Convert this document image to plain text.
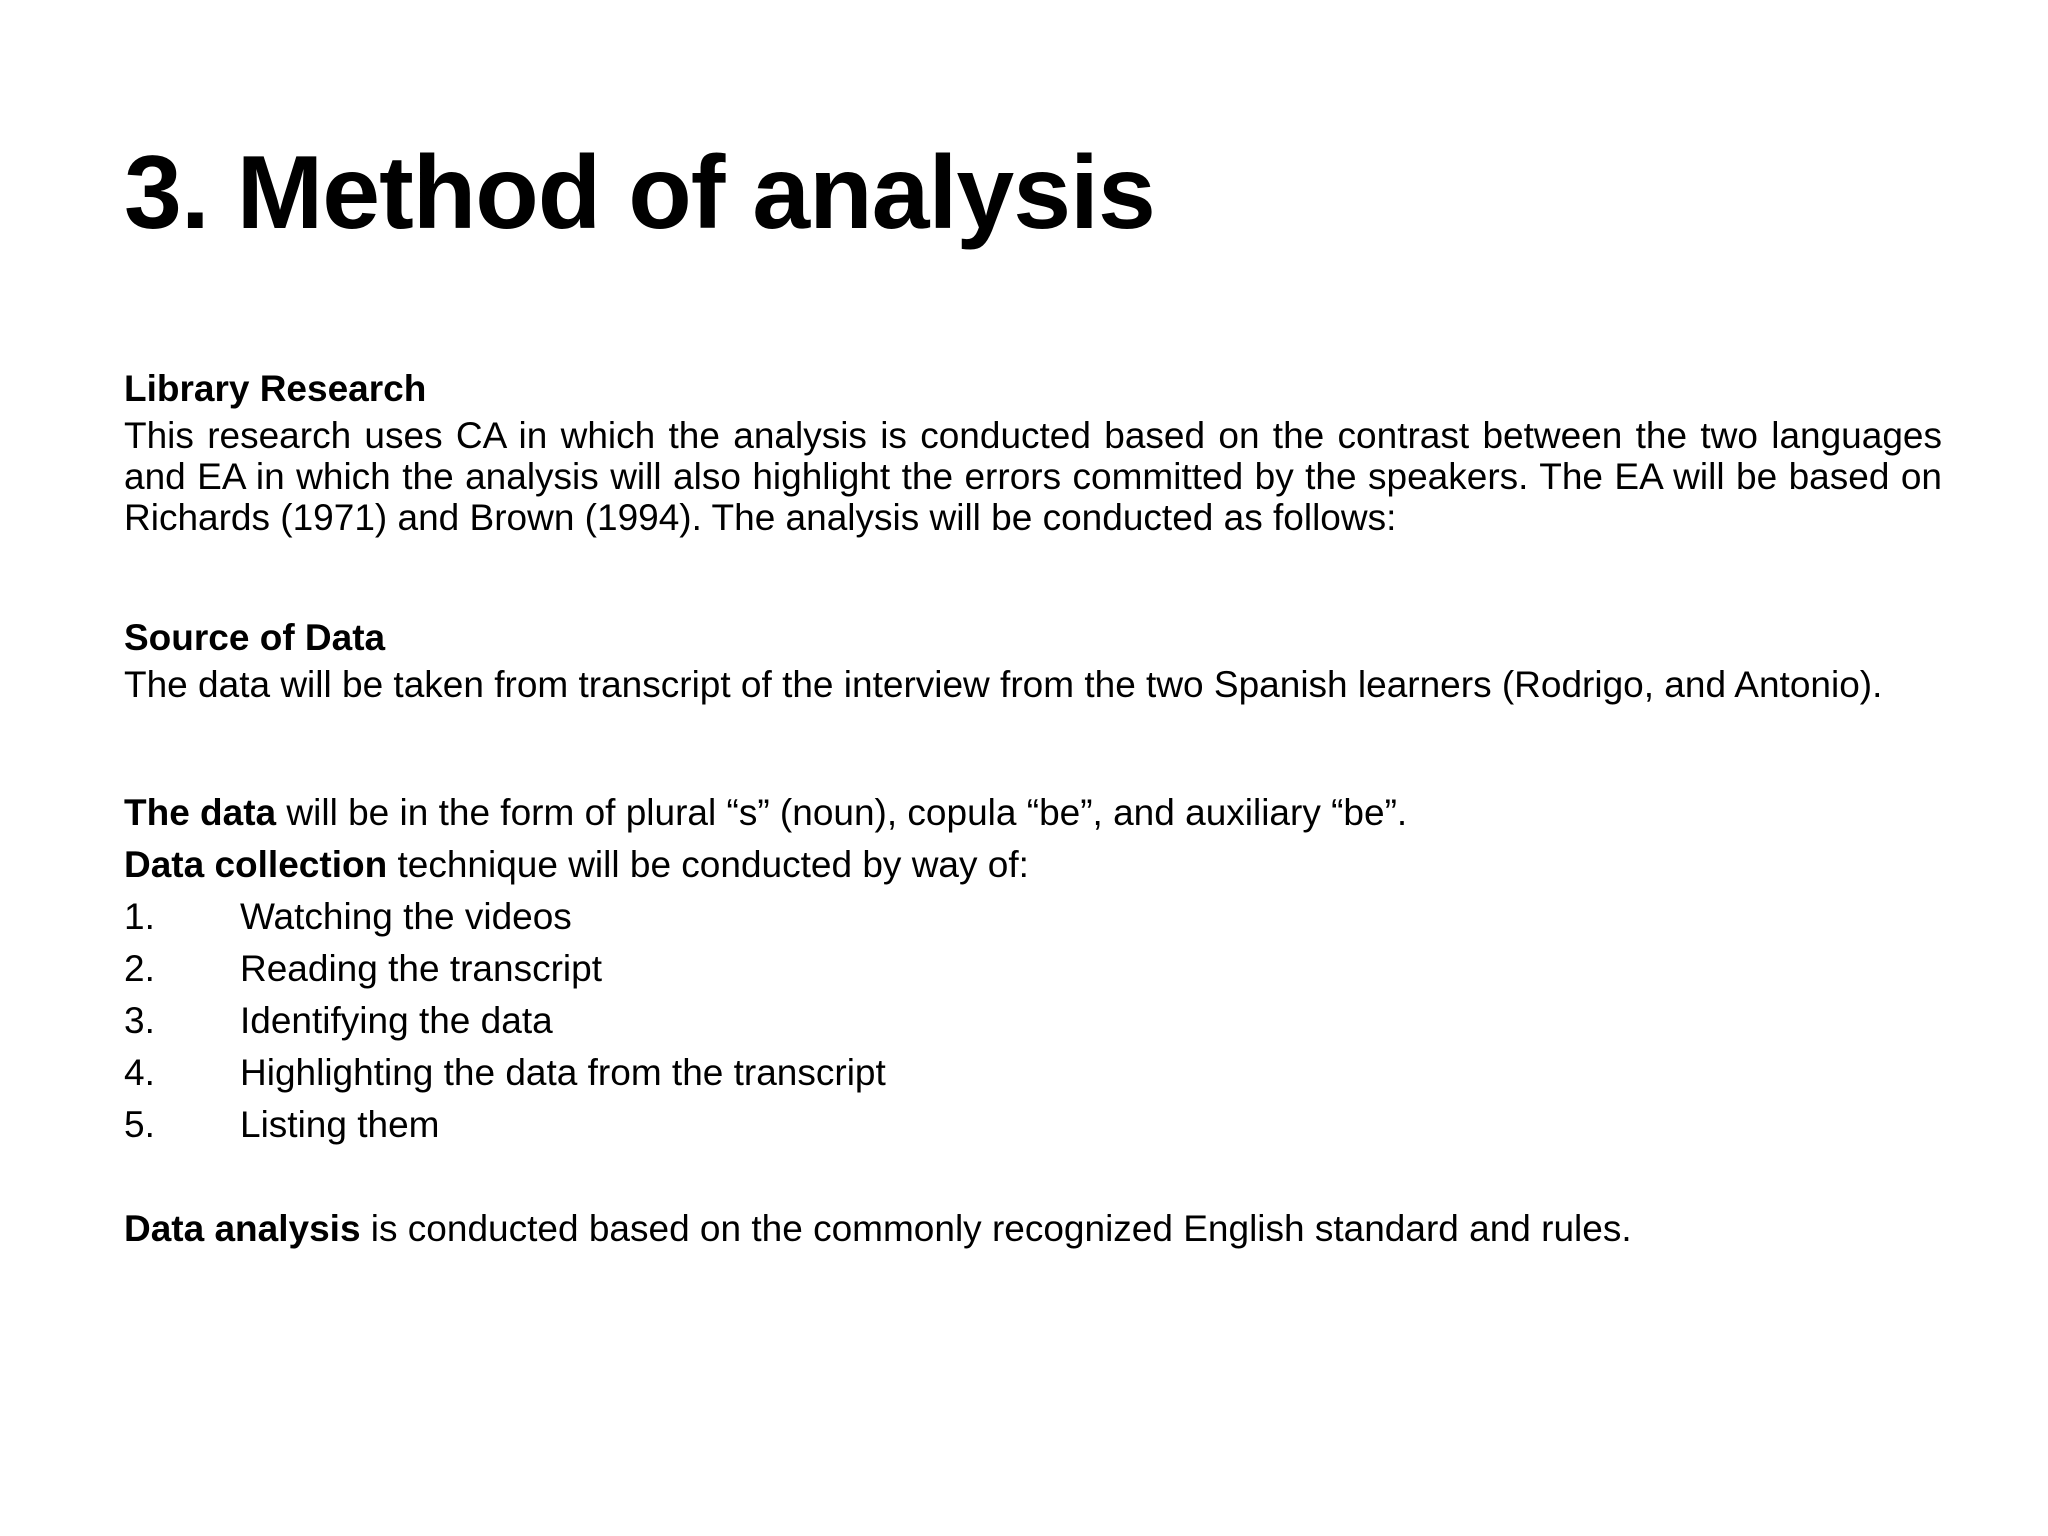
3. Method of analysis

Library Research

This research uses CA in which the analysis is conducted based on the contrast between the two languages and EA in which the analysis will also highlight the errors committed by the speakers. The EA will be based on Richards (1971) and Brown (1994). The analysis will be conducted as follows:

Source of Data

The data will be taken from transcript of the interview from the two Spanish learners (Rodrigo, and Antonio).

The data will be in the form of plural “s” (noun), copula “be”, and auxiliary “be”.

Data collection technique will be conducted by way of:

1.	Watching the videos
2.	Reading the transcript
3.	Identifying the data
4.	Highlighting the data from the transcript
5.	Listing them

Data analysis is conducted based on the commonly recognized English standard and rules.
